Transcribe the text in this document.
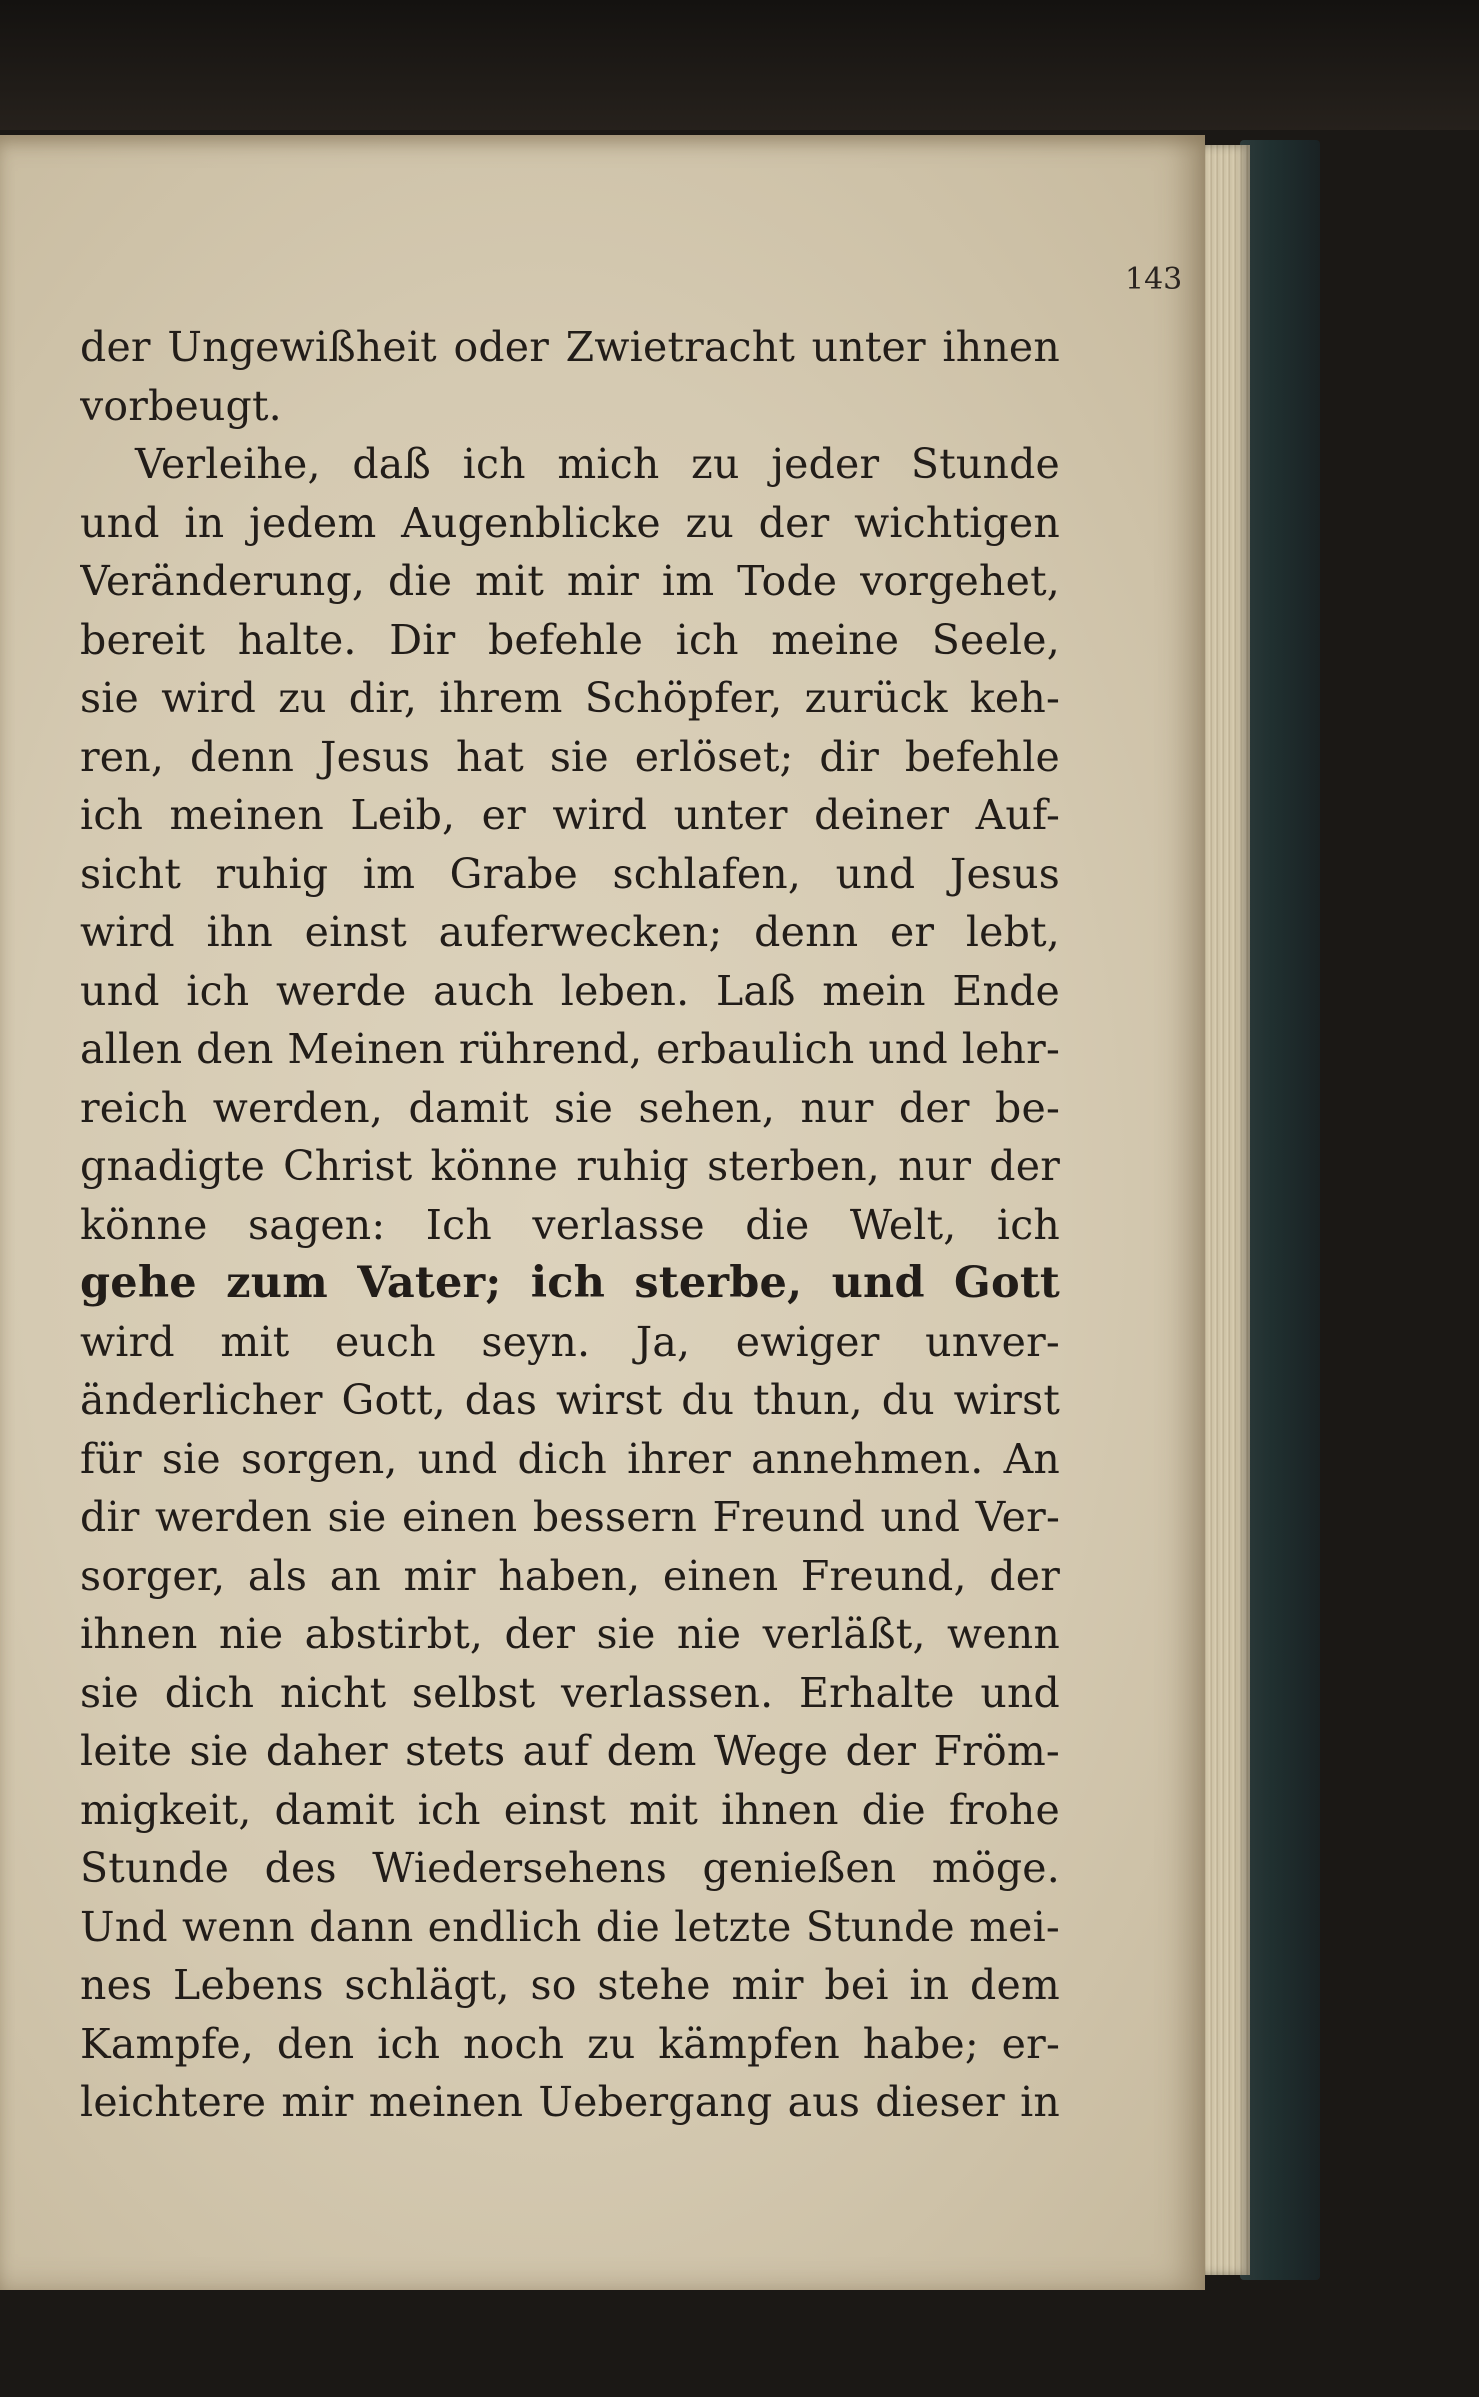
143

der Ungewißheit oder Zwietracht unter ihnen
vorbeugt.
Verleihe, daß ich mich zu jeder Stunde
und in jedem Augenblicke zu der wichtigen
Veränderung, die mit mir im Tode vorgehet,
bereit halte. Dir befehle ich meine Seele,
sie wird zu dir, ihrem Schöpfer, zurück keh-
ren, denn Jesus hat sie erlöset; dir befehle
ich meinen Leib, er wird unter deiner Auf-
sicht ruhig im Grabe schlafen, und Jesus
wird ihn einst auferwecken; denn er lebt,
und ich werde auch leben. Laß mein Ende
allen den Meinen rührend, erbaulich und lehr-
reich werden, damit sie sehen, nur der be-
gnadigte Christ könne ruhig sterben, nur der
könne sagen: Ich verlasse die Welt, ich
gehe zum Vater; ich sterbe, und Gott
wird mit euch seyn. Ja, ewiger unver-
änderlicher Gott, das wirst du thun, du wirst
für sie sorgen, und dich ihrer annehmen. An
dir werden sie einen bessern Freund und Ver-
sorger, als an mir haben, einen Freund, der
ihnen nie abstirbt, der sie nie verläßt, wenn
sie dich nicht selbst verlassen. Erhalte und
leite sie daher stets auf dem Wege der Fröm-
migkeit, damit ich einst mit ihnen die frohe
Stunde des Wiedersehens genießen möge.
Und wenn dann endlich die letzte Stunde mei-
nes Lebens schlägt, so stehe mir bei in dem
Kampfe, den ich noch zu kämpfen habe; er-
leichtere mir meinen Uebergang aus dieser in
